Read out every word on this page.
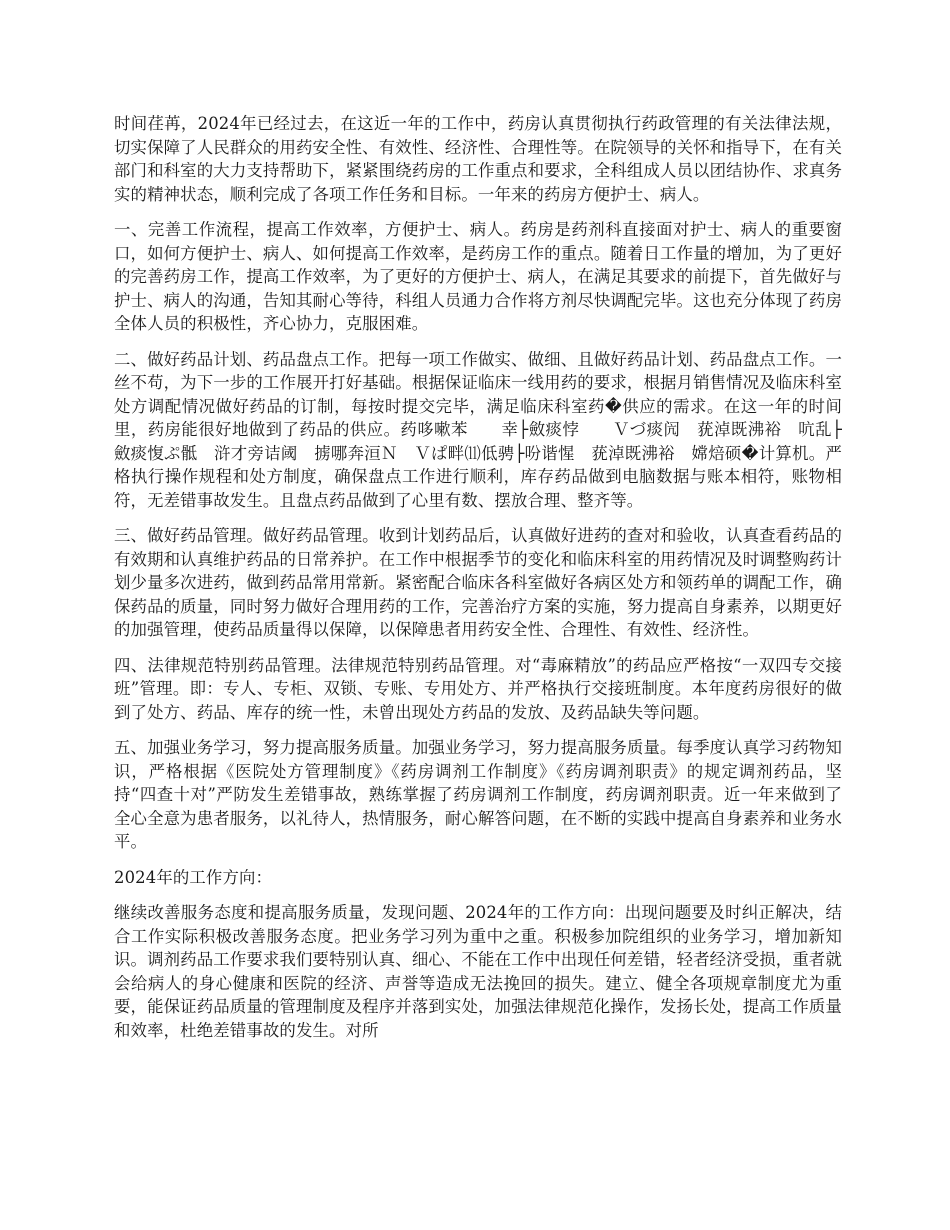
时间荏苒，2024年已经过去，在这近一年的工作中，药房认真贯彻执行药政管理的有关法律法规，切实保障了人民群众的用药安全性、有效性、经济性、合理性等。在院领导的关怀和指导下，在有关部门和科室的大力支持帮助下，紧紧围绕药房的工作重点和要求，全科组成人员以团结协作、求真务实的精神状态，顺利完成了各项工作任务和目标。一年来的药房方便护士、病人。

一、完善工作流程，提高工作效率，方便护士、病人。药房是药剂科直接面对护士、病人的重要窗口，如何方便护士、病人、如何提高工作效率，是药房工作的重点。随着日工作量的增加，为了更好的完善药房工作，提高工作效率，为了更好的方便护士、病人，在满足其要求的前提下，首先做好与护士、病人的沟通，告知其耐心等待，科组人员通力合作将方剂尽快调配完毕。这也充分体现了药房全体人员的积极性，齐心协力，克服困难。

二、做好药品计划、药品盘点工作。把每一项工作做实、做细、且做好药品计划、药品盘点工作。一丝不苟，为下一步的工作展开打好基础。根据保证临床一线用药的要求，根据月销售情况及临床科室处方调配情况做好药品的订制，每按时提交完毕，满足临床科室药�供应的需求。在这一年的时间里，药房能很好地做到了药品的供应。药哆嗽苯　　幸├斂痰悖　　Ｖづ痰闶　莸淖既沸裕　吭乱├斂痰愎ぷ骶　浒才旁诘阈　掳哪奔洹Ｎ　Ｖぱ畔⑾低骋├吩谐惺　莸淖既沸裕　嫦焙硕�计算机。严格执行操作规程和处方制度，确保盘点工作进行顺利，库存药品做到电脑数据与账本相符，账物相符，无差错事故发生。且盘点药品做到了心里有数、摆放合理、整齐等。

三、做好药品管理。做好药品管理。收到计划药品后，认真做好进药的查对和验收，认真查看药品的有效期和认真维护药品的日常养护。在工作中根据季节的变化和临床科室的用药情况及时调整购药计划少量多次进药，做到药品常用常新。紧密配合临床各科室做好各病区处方和领药单的调配工作，确保药品的质量，同时努力做好合理用药的工作，完善治疗方案的实施，努力提高自身素养，以期更好的加强管理，使药品质量得以保障，以保障患者用药安全性、合理性、有效性、经济性。

四、法律规范特别药品管理。法律规范特别药品管理。对“毒麻精放”的药品应严格按“一双四专交接班”管理。即：专人、专柜、双锁、专账、专用处方、并严格执行交接班制度。本年度药房很好的做到了处方、药品、库存的统一性，未曾出现处方药品的发放、及药品缺失等问题。

五、加强业务学习，努力提高服务质量。加强业务学习，努力提高服务质量。每季度认真学习药物知识，严格根据《医院处方管理制度》《药房调剂工作制度》《药房调剂职责》的规定调剂药品，坚持“四查十对”严防发生差错事故，熟练掌握了药房调剂工作制度，药房调剂职责。近一年来做到了全心全意为患者服务，以礼待人，热情服务，耐心解答问题，在不断的实践中提高自身素养和业务水平。

2024年的工作方向：

继续改善服务态度和提高服务质量，发现问题、2024年的工作方向：出现问题要及时纠正解决，结合工作实际积极改善服务态度。把业务学习列为重中之重。积极参加院组织的业务学习，增加新知识。调剂药品工作要求我们要特别认真、细心、不能在工作中出现任何差错，轻者经济受损，重者就会给病人的身心健康和医院的经济、声誉等造成无法挽回的损失。建立、健全各项规章制度尤为重要，能保证药品质量的管理制度及程序并落到实处，加强法律规范化操作，发扬长处，提高工作质量和效率，杜绝差错事故的发生。对所
